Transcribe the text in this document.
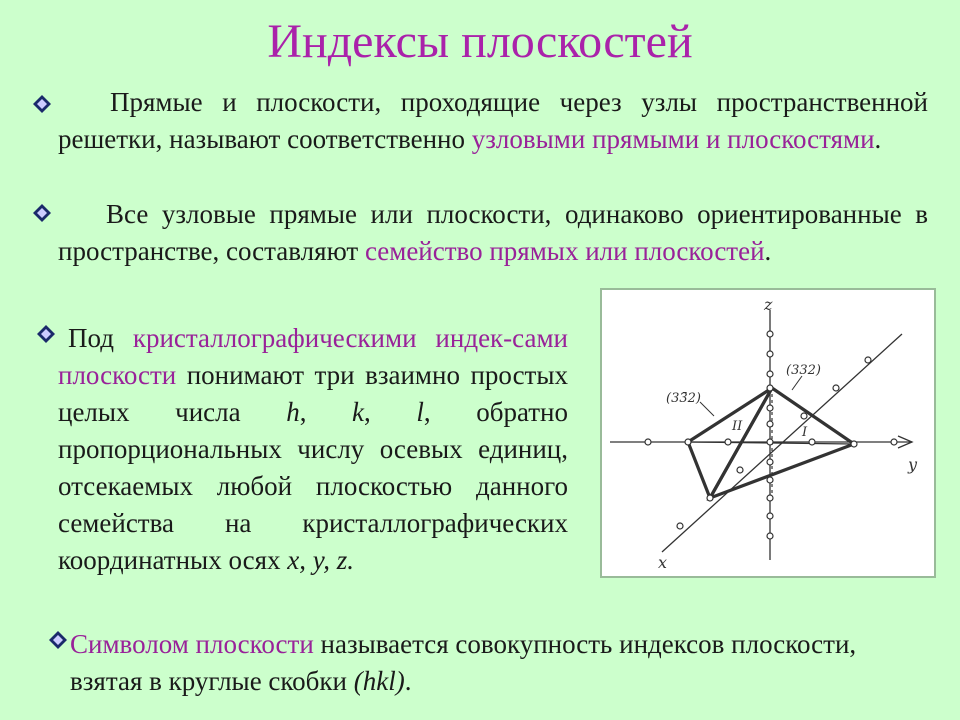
Индексы плоскостей
Прямые и плоскости, проходящие через узлы пространственной решетки, называют соответственно узловыми прямыми и плоскостями.
Все узловые прямые или плоскости, одинаково ориентированные в пространстве, составляют семейство прямых или плоскостей.
Под кристаллографическими индек-сами плоскости понимают три взаимно простых целых числа h, k, l, обратно пропорциональных числу осевых единиц, отсекаемых любой плоскостью данного семейства на кристаллографических координатных осях x, y, z.
Символом плоскости называется совокупность индексов плоскости, взятая в круглые скобки (hkl).
z
y
x
(332)
(33̄2)
I
II
